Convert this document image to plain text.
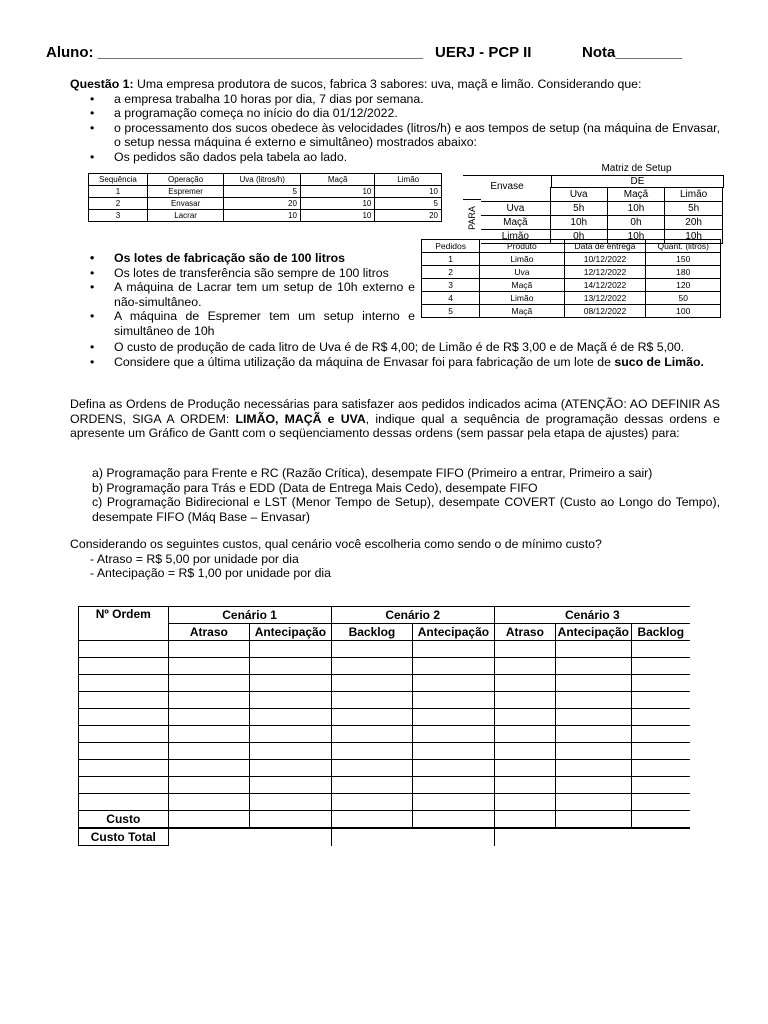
Aluno: _______________________________________ UERJ - PCP II	Nota________
Questão 1: Uma empresa produtora de sucos, fabrica 3 sabores: uva, maçã e limão. Considerando que:
• a empresa trabalha 10 horas por dia, 7 dias por semana.
• a programação começa no início do dia 01/12/2022.
• o processamento dos sucos obedece às velocidades (litros/h) e aos tempos de setup (na máquina de Envasar, o setup nessa máquina é externo e simultâneo) mostrados abaixo:
• Os pedidos são dados pela tabela ao lado.
Sequência	Operação	Uva (litros/h)	Maçã	Limão
1	Espremer	5	10	10
2	Envasar	20	10	5
3	Lacrar	10	10	20
Matriz de Setup
Envase	DE
PARA
	Uva	Maçã	Limão
Uva	5h	10h	5h
Maçã	10h	0h	20h
Limão	0h	10h	10h
Pedidos	Produto	Data de entrega	Quant. (litros)
1	Limão	10/12/2022	150
2	Uva	12/12/2022	180
3	Maçã	14/12/2022	120
4	Limão	13/12/2022	50
5	Maçã	08/12/2022	100
• Os lotes de fabricação são de 100 litros
• Os lotes de transferência são sempre de 100 litros
• A máquina de Lacrar tem um setup de 10h externo e não-simultâneo.
• A máquina de Espremer tem um setup interno e simultâneo de 10h
• O custo de produção de cada litro de Uva é de R$ 4,00; de Limão é de R$ 3,00 e de Maçã é de R$ 5,00.
• Considere que a última utilização da máquina de Envasar foi para fabricação de um lote de suco de Limão.
Defina as Ordens de Produção necessárias para satisfazer aos pedidos indicados acima (ATENÇÃO: AO DEFINIR AS ORDENS, SIGA A ORDEM: LIMÃO, MAÇÃ e UVA, indique qual a sequência de programação dessas ordens e apresente um Gráfico de Gantt com o seqüenciamento dessas ordens (sem passar pela etapa de ajustes) para:
a) Programação para Frente e RC (Razão Crítica), desempate FIFO (Primeiro a entrar, Primeiro a sair)
b) Programação para Trás e EDD (Data de Entrega Mais Cedo), desempate FIFO
c) Programação Bidirecional e LST (Menor Tempo de Setup), desempate COVERT (Custo ao Longo do Tempo), desempate FIFO (Máq Base – Envasar)
Considerando os seguintes custos, qual cenário você escolheria como sendo o de mínimo custo?
- Atraso = R$ 5,00 por unidade por dia
- Antecipação = R$ 1,00 por unidade por dia
Nº Ordem	Cenário 1		Cenário 2		Cenário 3		
	Atraso	Antecipação	Backlog	Antecipação	Atraso	Antecipação	Backlog

Custo							
Custo Total							
